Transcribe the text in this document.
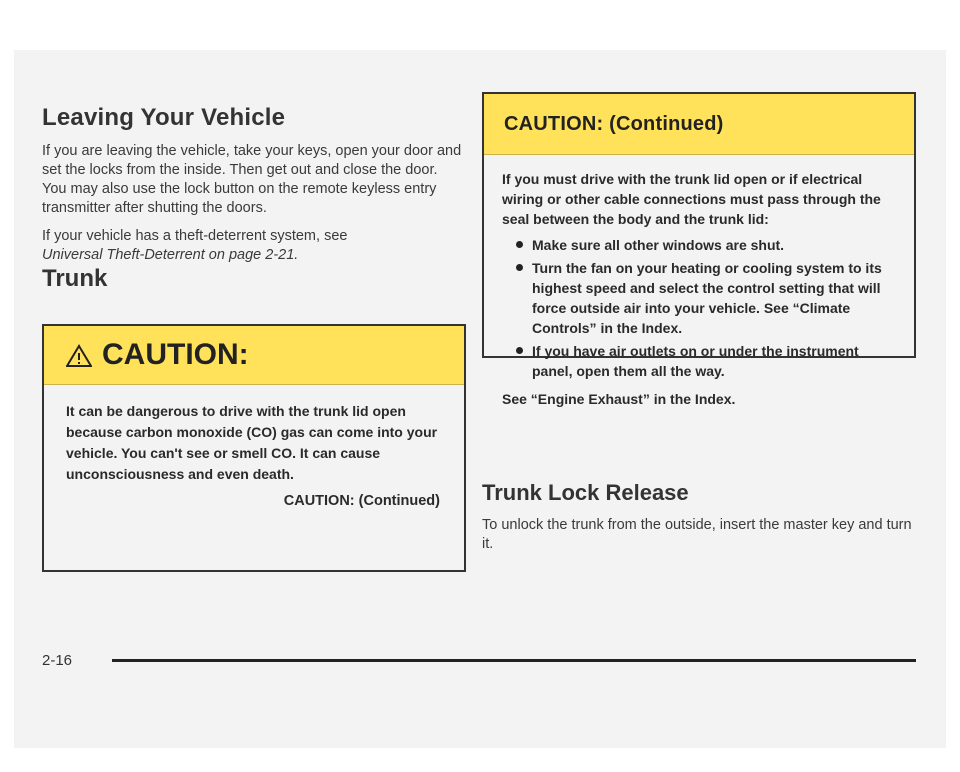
Leaving Your Vehicle

If you are leaving the vehicle, take your keys, open your door and set the locks from the inside. Then get out and close the door. You may also use the lock button on the remote keyless entry transmitter after shutting the doors.

If your vehicle has a theft-deterrent system, see
Universal Theft-Deterrent on page 2-21.

Trunk
CAUTION:
It can be dangerous to drive with the trunk lid open because carbon monoxide (CO) gas can come into your vehicle. You can't see or smell CO. It can cause unconsciousness and even death.
CAUTION: (Continued)
CAUTION: (Continued)
If you must drive with the trunk lid open or if electrical wiring or other cable connections must pass through the seal between the body and the trunk lid:
Make sure all other windows are shut.
Turn the fan on your heating or cooling system to its highest speed and select the control setting that will force outside air into your vehicle. See “Climate Controls” in the Index.
If you have air outlets on or under the instrument panel, open them all the way.
See “Engine Exhaust” in the Index.
Trunk Lock Release

To unlock the trunk from the outside, insert the master key and turn it.

2-16
